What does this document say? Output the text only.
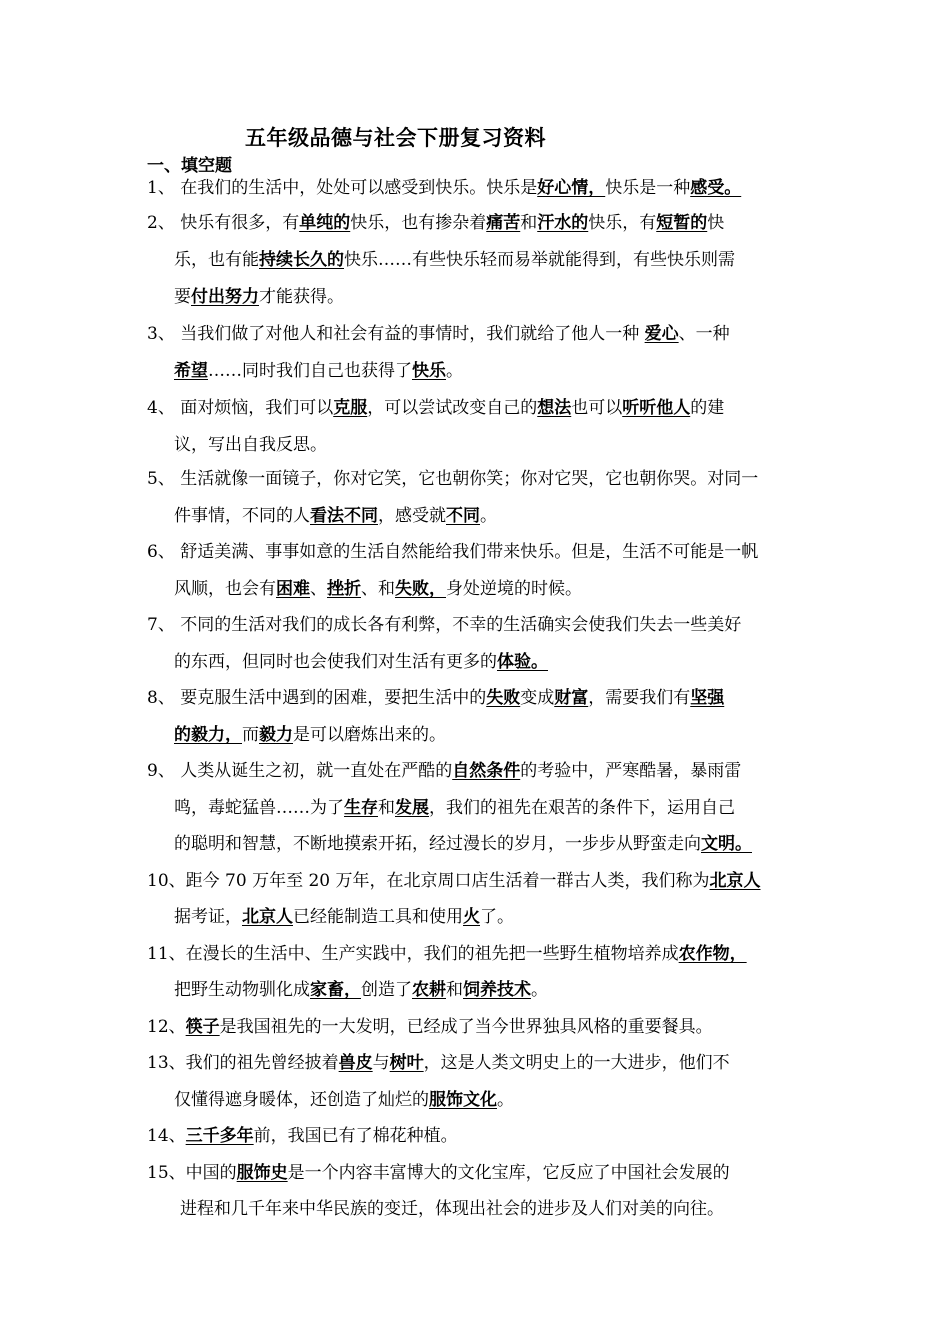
五年级品德与社会下册复习资料
一、填空题
1、 在我们的生活中，处处可以感受到快乐。快乐是好心情，快乐是一种感受。
2、 快乐有很多，有单纯的快乐，也有掺杂着痛苦和汗水的快乐，有短暂的快
乐，也有能持续长久的快乐……有些快乐轻而易举就能得到，有些快乐则需
要付出努力才能获得。
3、 当我们做了对他人和社会有益的事情时，我们就给了他人一种 爱心、一种
希望……同时我们自己也获得了快乐。
4、 面对烦恼，我们可以克服，可以尝试改变自己的想法也可以听听他人的建
议，写出自我反思。
5、 生活就像一面镜子，你对它笑，它也朝你笑；你对它哭，它也朝你哭。对同一
件事情，不同的人看法不同，感受就不同。
6、 舒适美满、事事如意的生活自然能给我们带来快乐。但是，生活不可能是一帆
风顺，也会有困难、挫折、和失败，身处逆境的时候。
7、 不同的生活对我们的成长各有利弊，不幸的生活确实会使我们失去一些美好
的东西，但同时也会使我们对生活有更多的体验。
8、 要克服生活中遇到的困难，要把生活中的失败变成财富，需要我们有坚强
的毅力，而毅力是可以磨炼出来的。
9、 人类从诞生之初，就一直处在严酷的自然条件的考验中，严寒酷暑，暴雨雷
鸣，毒蛇猛兽……为了生存和发展，我们的祖先在艰苦的条件下，运用自己
的聪明和智慧，不断地摸索开拓，经过漫长的岁月，一步步从野蛮走向文明。
10、距今 70 万年至 20 万年，在北京周口店生活着一群古人类，我们称为北京人
据考证，北京人已经能制造工具和使用火了。
11、在漫长的生活中、生产实践中，我们的祖先把一些野生植物培养成农作物，
把野生动物驯化成家畜，创造了农耕和饲养技术。
12、筷子是我国祖先的一大发明，已经成了当今世界独具风格的重要餐具。
13、我们的祖先曾经披着兽皮与树叶，这是人类文明史上的一大进步，他们不
仅懂得遮身暖体，还创造了灿烂的服饰文化。
14、三千多年前，我国已有了棉花种植。
15、中国的服饰史是一个内容丰富博大的文化宝库，它反应了中国社会发展的
进程和几千年来中华民族的变迁，体现出社会的进步及人们对美的向往。
